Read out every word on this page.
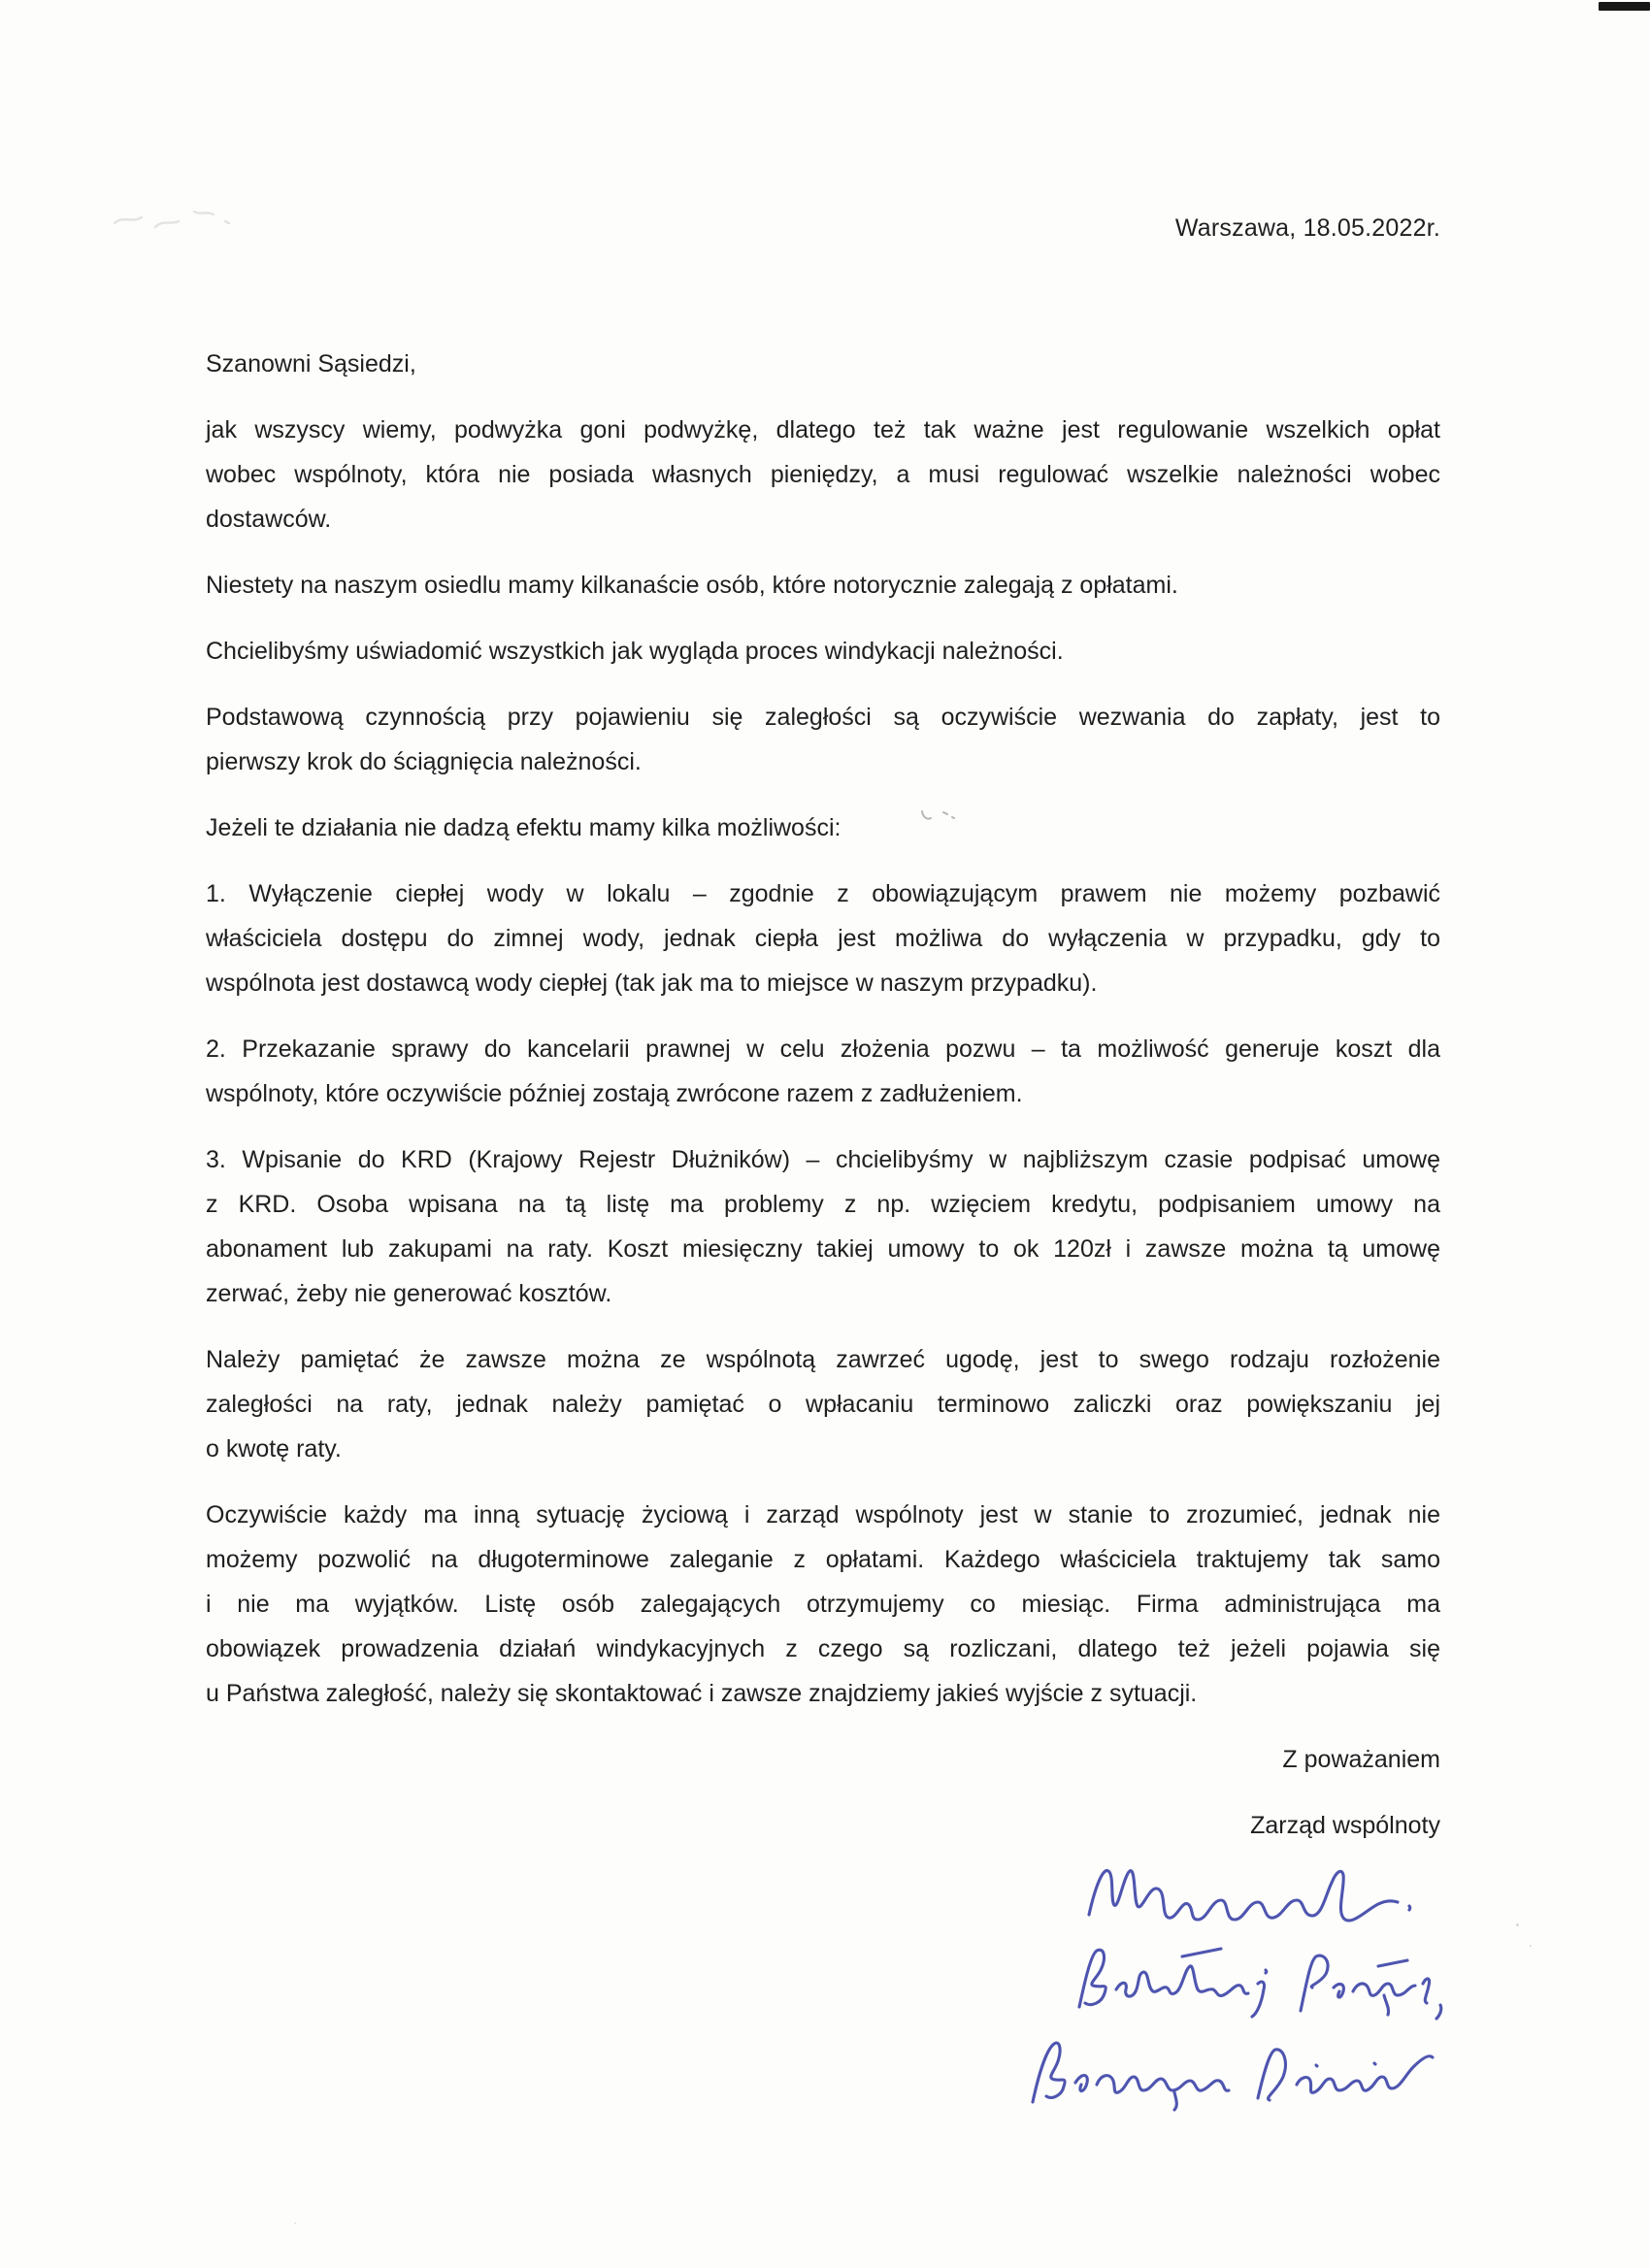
Warszawa, 18.05.2022r.
Szanowni Sąsiedzi,
jak wszyscy wiemy, podwyżka goni podwyżkę, dlatego też tak ważne jest regulowanie wszelkich opłat
wobec wspólnoty, która nie posiada własnych pieniędzy, a musi regulować wszelkie należności wobec
dostawców.
Niestety na naszym osiedlu mamy kilkanaście osób, które notorycznie zalegają z opłatami.
Chcielibyśmy uświadomić wszystkich jak wygląda proces windykacji należności.
Podstawową czynnością przy pojawieniu się zaległości są oczywiście wezwania do zapłaty, jest to
pierwszy krok do ściągnięcia należności.
Jeżeli te działania nie dadzą efektu mamy kilka możliwości:
1. Wyłączenie ciepłej wody w lokalu – zgodnie z obowiązującym prawem nie możemy pozbawić
właściciela dostępu do zimnej wody, jednak ciepła jest możliwa do wyłączenia w przypadku, gdy to
wspólnota jest dostawcą wody ciepłej (tak jak ma to miejsce w naszym przypadku).
2. Przekazanie sprawy do kancelarii prawnej w celu złożenia pozwu – ta możliwość generuje koszt dla
wspólnoty, które oczywiście później zostają zwrócone razem z zadłużeniem.
3. Wpisanie do KRD (Krajowy Rejestr Dłużników) – chcielibyśmy w najbliższym czasie podpisać umowę
z KRD. Osoba wpisana na tą listę ma problemy z np. wzięciem kredytu, podpisaniem umowy na
abonament lub zakupami na raty. Koszt miesięczny takiej umowy to ok 120zł i zawsze można tą umowę
zerwać, żeby nie generować kosztów.
Należy pamiętać że zawsze można ze wspólnotą zawrzeć ugodę, jest to swego rodzaju rozłożenie
zaległości na raty, jednak należy pamiętać o wpłacaniu terminowo zaliczki oraz powiększaniu jej
o kwotę raty.
Oczywiście każdy ma inną sytuację życiową i zarząd wspólnoty jest w stanie to zrozumieć, jednak nie
możemy pozwolić na długoterminowe zaleganie z opłatami. Każdego właściciela traktujemy tak samo
i nie ma wyjątków. Listę osób zalegających otrzymujemy co miesiąc. Firma administrująca ma
obowiązek prowadzenia działań windykacyjnych z czego są rozliczani, dlatego też jeżeli pojawia się
u Państwa zaległość, należy się skontaktować i zawsze znajdziemy jakieś wyjście z sytuacji.
Z poważaniem
Zarząd wspólnoty
